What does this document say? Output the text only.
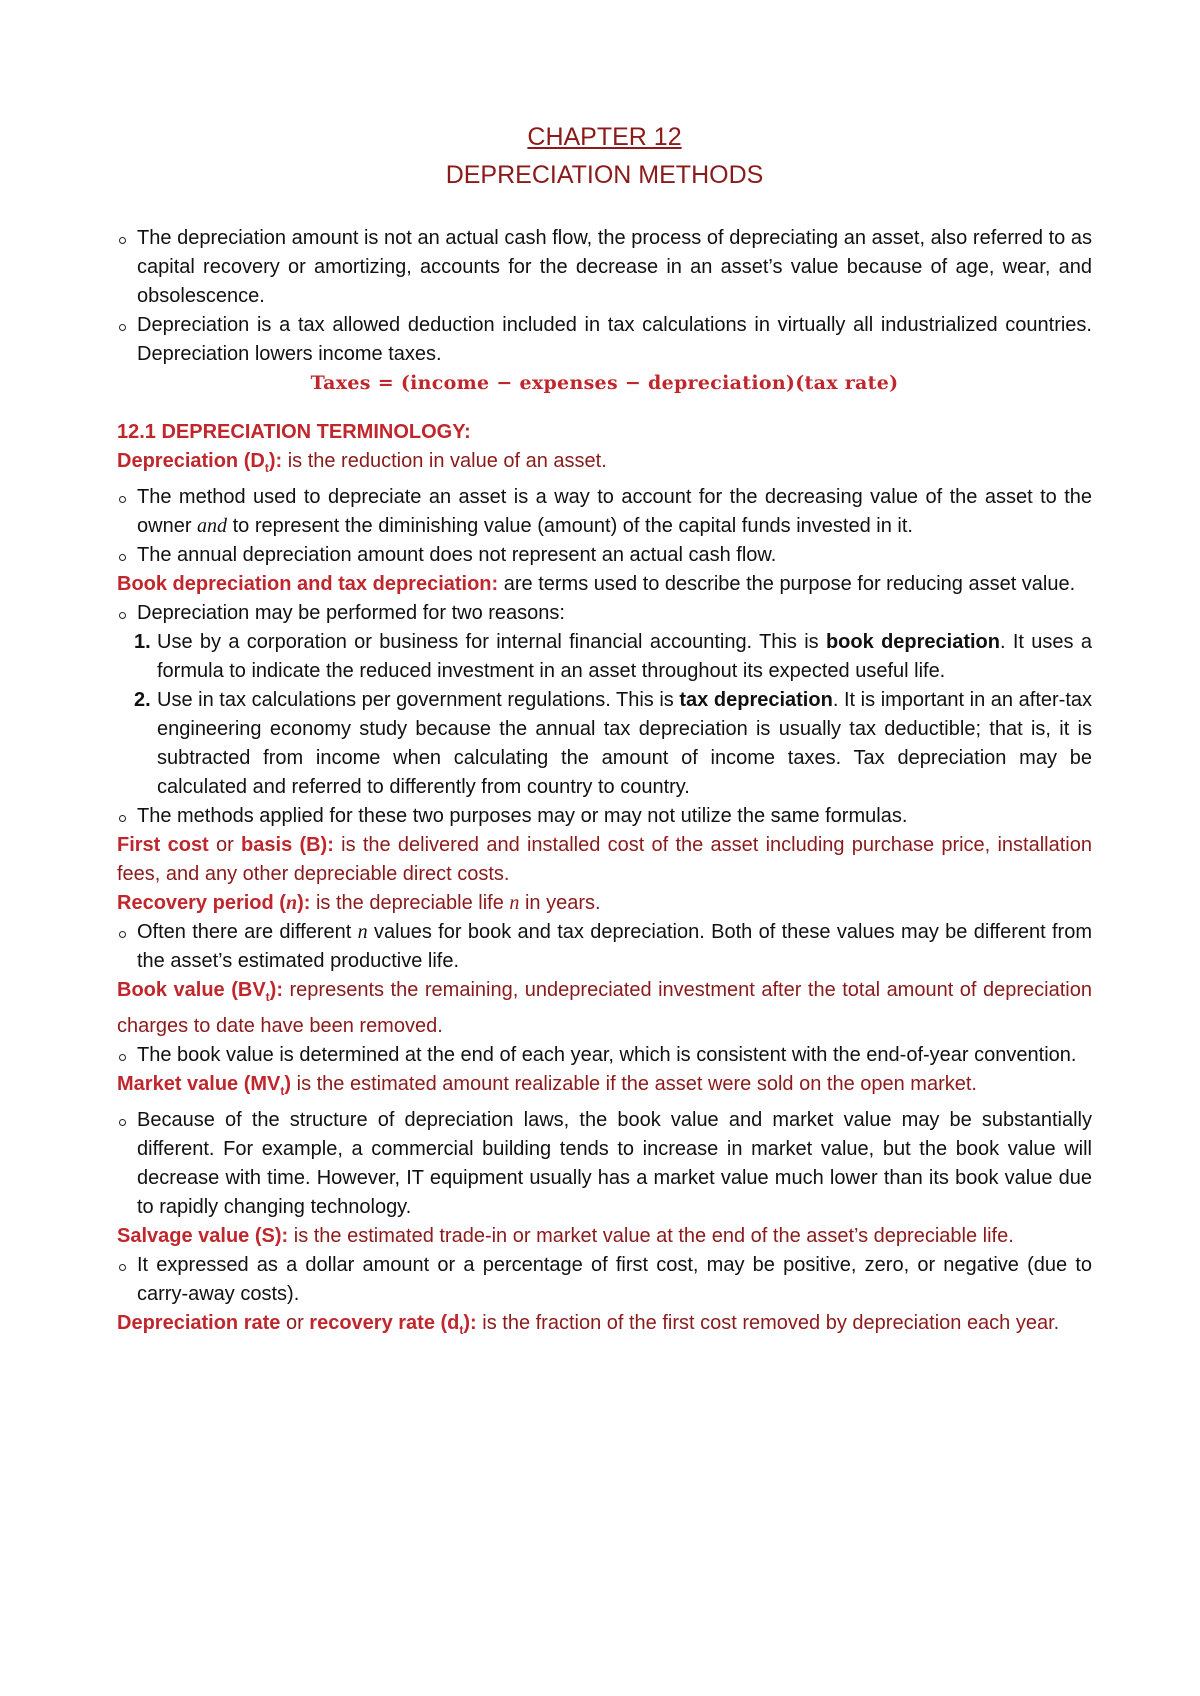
CHAPTER 12
DEPRECIATION METHODS
The depreciation amount is not an actual cash flow, the process of depreciating an asset, also referred to as capital recovery or amortizing, accounts for the decrease in an asset’s value because of age, wear, and obsolescence.
Depreciation is a tax allowed deduction included in tax calculations in virtually all industrialized countries. Depreciation lowers income taxes.
Taxes = (income − expenses − depreciation)(tax rate)
12.1 DEPRECIATION TERMINOLOGY:
Depreciation $(D_t)$: is the reduction in value of an asset.
The method used to depreciate an asset is a way to account for the decreasing value of the asset to the owner and to represent the diminishing value (amount) of the capital funds invested in it.
The annual depreciation amount does not represent an actual cash flow.
Book depreciation and tax depreciation: are terms used to describe the purpose for reducing asset value.
Depreciation may be performed for two reasons:
1. Use by a corporation or business for internal financial accounting. This is book depreciation. It uses a formula to indicate the reduced investment in an asset throughout its expected useful life.
2. Use in tax calculations per government regulations. This is tax depreciation. It is important in an after-tax engineering economy study because the annual tax depreciation is usually tax deductible; that is, it is subtracted from income when calculating the amount of income taxes. Tax depreciation may be calculated and referred to differently from country to country.
The methods applied for these two purposes may or may not utilize the same formulas.
First cost or basis (B): is the delivered and installed cost of the asset including purchase price, installation fees, and any other depreciable direct costs.
Recovery period (n): is the depreciable life n in years.
Often there are different n values for book and tax depreciation. Both of these values may be different from the asset’s estimated productive life.
Book value $(BV_t)$: represents the remaining, undepreciated investment after the total amount of depreciation charges to date have been removed.
The book value is determined at the end of each year, which is consistent with the end-of-year convention.
Market value $(MV_t)$ is the estimated amount realizable if the asset were sold on the open market.
Because of the structure of depreciation laws, the book value and market value may be substantially different. For example, a commercial building tends to increase in market value, but the book value will decrease with time. However, IT equipment usually has a market value much lower than its book value due to rapidly changing technology.
Salvage value (S): is the estimated trade-in or market value at the end of the asset’s depreciable life.
It expressed as a dollar amount or a percentage of first cost, may be positive, zero, or negative (due to carry-away costs).
Depreciation rate or recovery rate $(d_t)$: is the fraction of the first cost removed by depreciation each year.
